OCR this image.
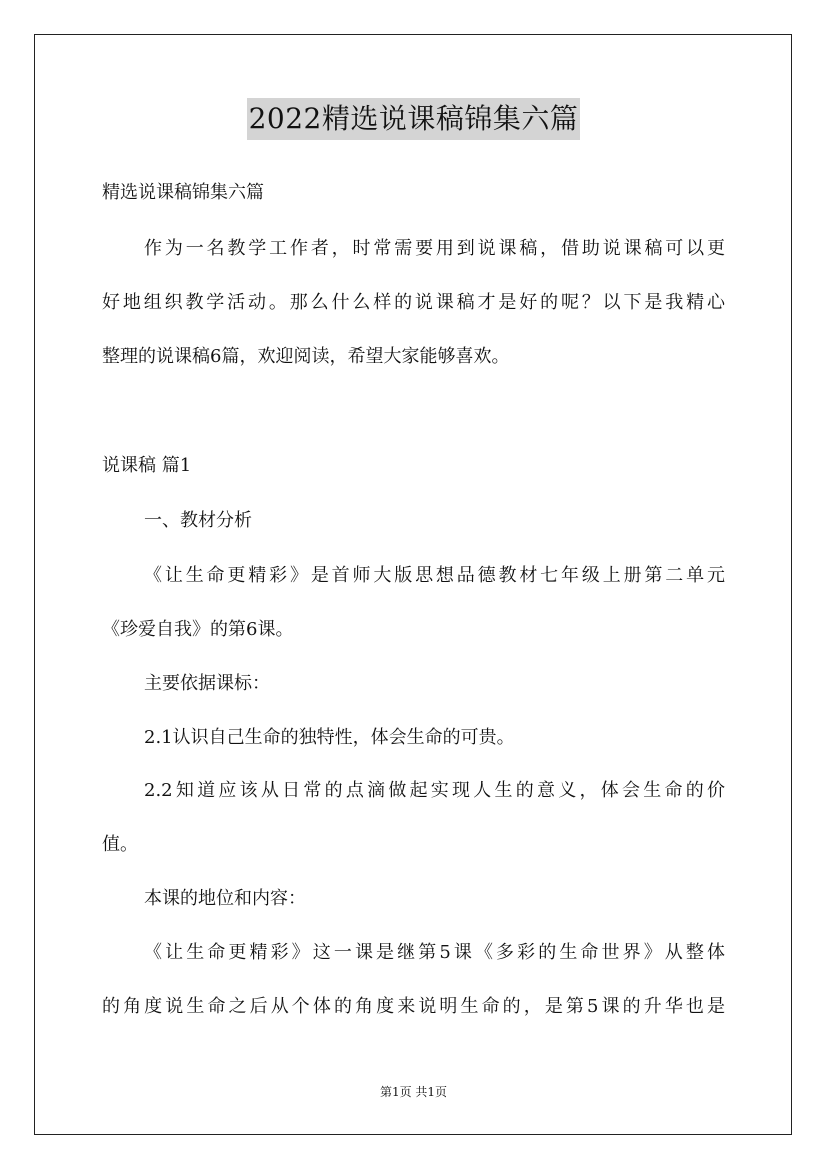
2022精选说课稿锦集六篇
精选说课稿锦集六篇
作为一名教学工作者，时常需要用到说课稿，借助说课稿可以更
好地组织教学活动。那么什么样的说课稿才是好的呢？以下是我精心
整理的说课稿6篇，欢迎阅读，希望大家能够喜欢。
说课稿 篇1
一、教材分析
《让生命更精彩》是首师大版思想品德教材七年级上册第二单元
《珍爱自我》的第6课。
主要依据课标：
2.1认识自己生命的独特性，体会生命的可贵。
2.2知道应该从日常的点滴做起实现人生的意义，体会生命的价
值。
本课的地位和内容：
《让生命更精彩》这一课是继第5课《多彩的生命世界》从整体
的角度说生命之后从个体的角度来说明生命的，是第5课的升华也是
第1页 共1页
